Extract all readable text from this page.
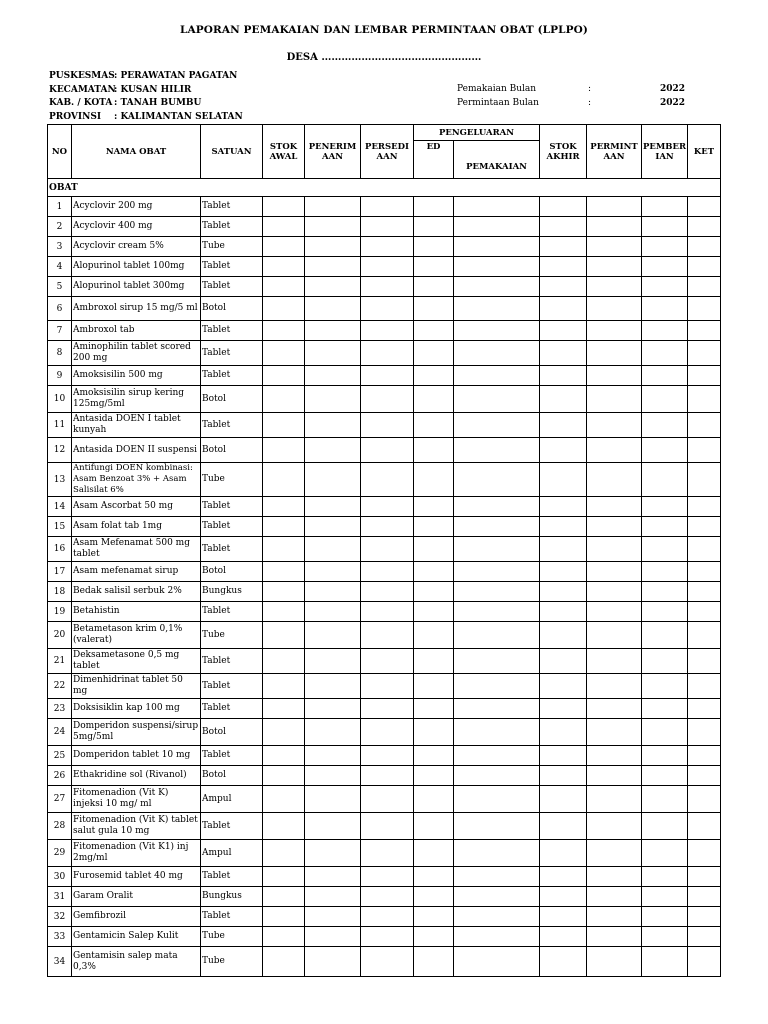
LAPORAN PEMAKAIAN DAN LEMBAR PERMINTAAN OBAT (LPLPO)
DESA …………………………………………
PUSKESMAS: PERAWATAN PAGATAN
KECAMATAN: KUSAN HILIR
KAB. / KOTA : TANAH BUMBU
PROVINSI : KALIMANTAN SELATAN
Pemakaian Bulan	:	2022
Permintaan Bulan	:	2022
NO	NAMA OBAT	SATUAN	STOK AWAL	PENERIMAAN	PERSEDIAAN	PENGELUARAN		STOK AKHIR	PERMINTAAN	PEMBERIAN	KET
						ED	PEMAKAIAN				
OBAT											
1	Acyclovir 200 mg	Tablet									
2	Acyclovir 400 mg	Tablet									
3	Acyclovir cream 5%	Tube									
4	Alopurinol tablet 100mg	Tablet									
5	Alopurinol tablet 300mg	Tablet									
6	Ambroxol sirup 15 mg/5 ml	Botol									
7	Ambroxol tab	Tablet									
8	Aminophilin tablet scored 200 mg	Tablet									
9	Amoksisilin 500 mg	Tablet									
10	Amoksisilin sirup kering 125mg/5ml	Botol									
11	Antasida DOEN I tablet kunyah	Tablet									
12	Antasida DOEN II suspensi	Botol									
13	Antifungi DOEN kombinasi: Asam Benzoat 3% + Asam Salisilat 6%	Tube									
14	Asam Ascorbat 50 mg	Tablet									
15	Asam folat tab 1mg	Tablet									
16	Asam Mefenamat 500 mg tablet	Tablet									
17	Asam mefenamat sirup	Botol									
18	Bedak salisil serbuk 2%	Bungkus									
19	Betahistin	Tablet									
20	Betametason krim 0,1% (valerat)	Tube									
21	Deksametasone 0,5 mg tablet	Tablet									
22	Dimenhidrinat tablet 50 mg	Tablet									
23	Doksisiklin kap 100 mg	Tablet									
24	Domperidon suspensi/sirup 5mg/5ml	Botol									
25	Domperidon tablet 10 mg	Tablet									
26	Ethakridine sol (Rivanol)	Botol									
27	Fitomenadion (Vit K) injeksi 10 mg/ ml	Ampul									
28	Fitomenadion (Vit K) tablet salut gula 10 mg	Tablet									
29	Fitomenadion (Vit K1) inj 2mg/ml	Ampul									
30	Furosemid tablet 40 mg	Tablet									
31	Garam Oralit	Bungkus									
32	Gemfibrozil	Tablet									
33	Gentamicin Salep Kulit	Tube									
34	Gentamisin salep mata 0,3%	Tube									
